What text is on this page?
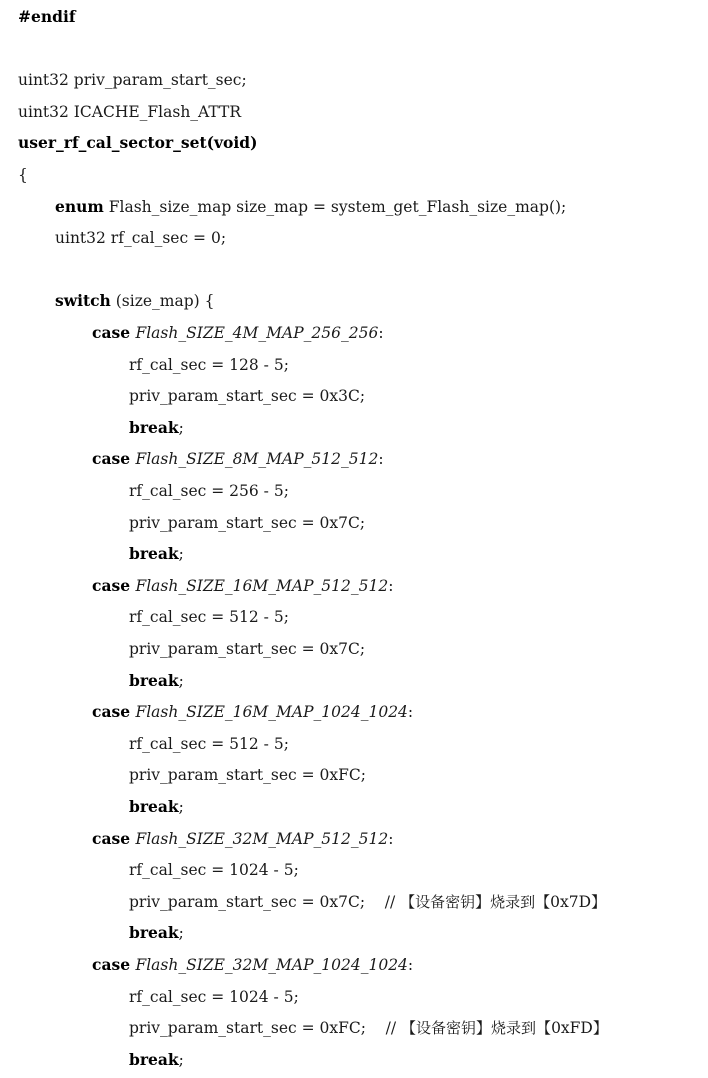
#endif
uint32 priv_param_start_sec;
uint32 ICACHE_Flash_ATTR
user_rf_cal_sector_set(void)
{
enum Flash_size_map size_map = system_get_Flash_size_map();
uint32 rf_cal_sec = 0;
switch (size_map) {
case Flash_SIZE_4M_MAP_256_256:
rf_cal_sec = 128 - 5;
priv_param_start_sec = 0x3C;
break;
case Flash_SIZE_8M_MAP_512_512:
rf_cal_sec = 256 - 5;
priv_param_start_sec = 0x7C;
break;
case Flash_SIZE_16M_MAP_512_512:
rf_cal_sec = 512 - 5;
priv_param_start_sec = 0x7C;
break;
case Flash_SIZE_16M_MAP_1024_1024:
rf_cal_sec = 512 - 5;
priv_param_start_sec = 0xFC;
break;
case Flash_SIZE_32M_MAP_512_512:
rf_cal_sec = 1024 - 5;
priv_param_start_sec = 0x7C;    // 【设备密钥】烧录到【0x7D】
break;
case Flash_SIZE_32M_MAP_1024_1024:
rf_cal_sec = 1024 - 5;
priv_param_start_sec = 0xFC;    // 【设备密钥】烧录到【0xFD】
break;
